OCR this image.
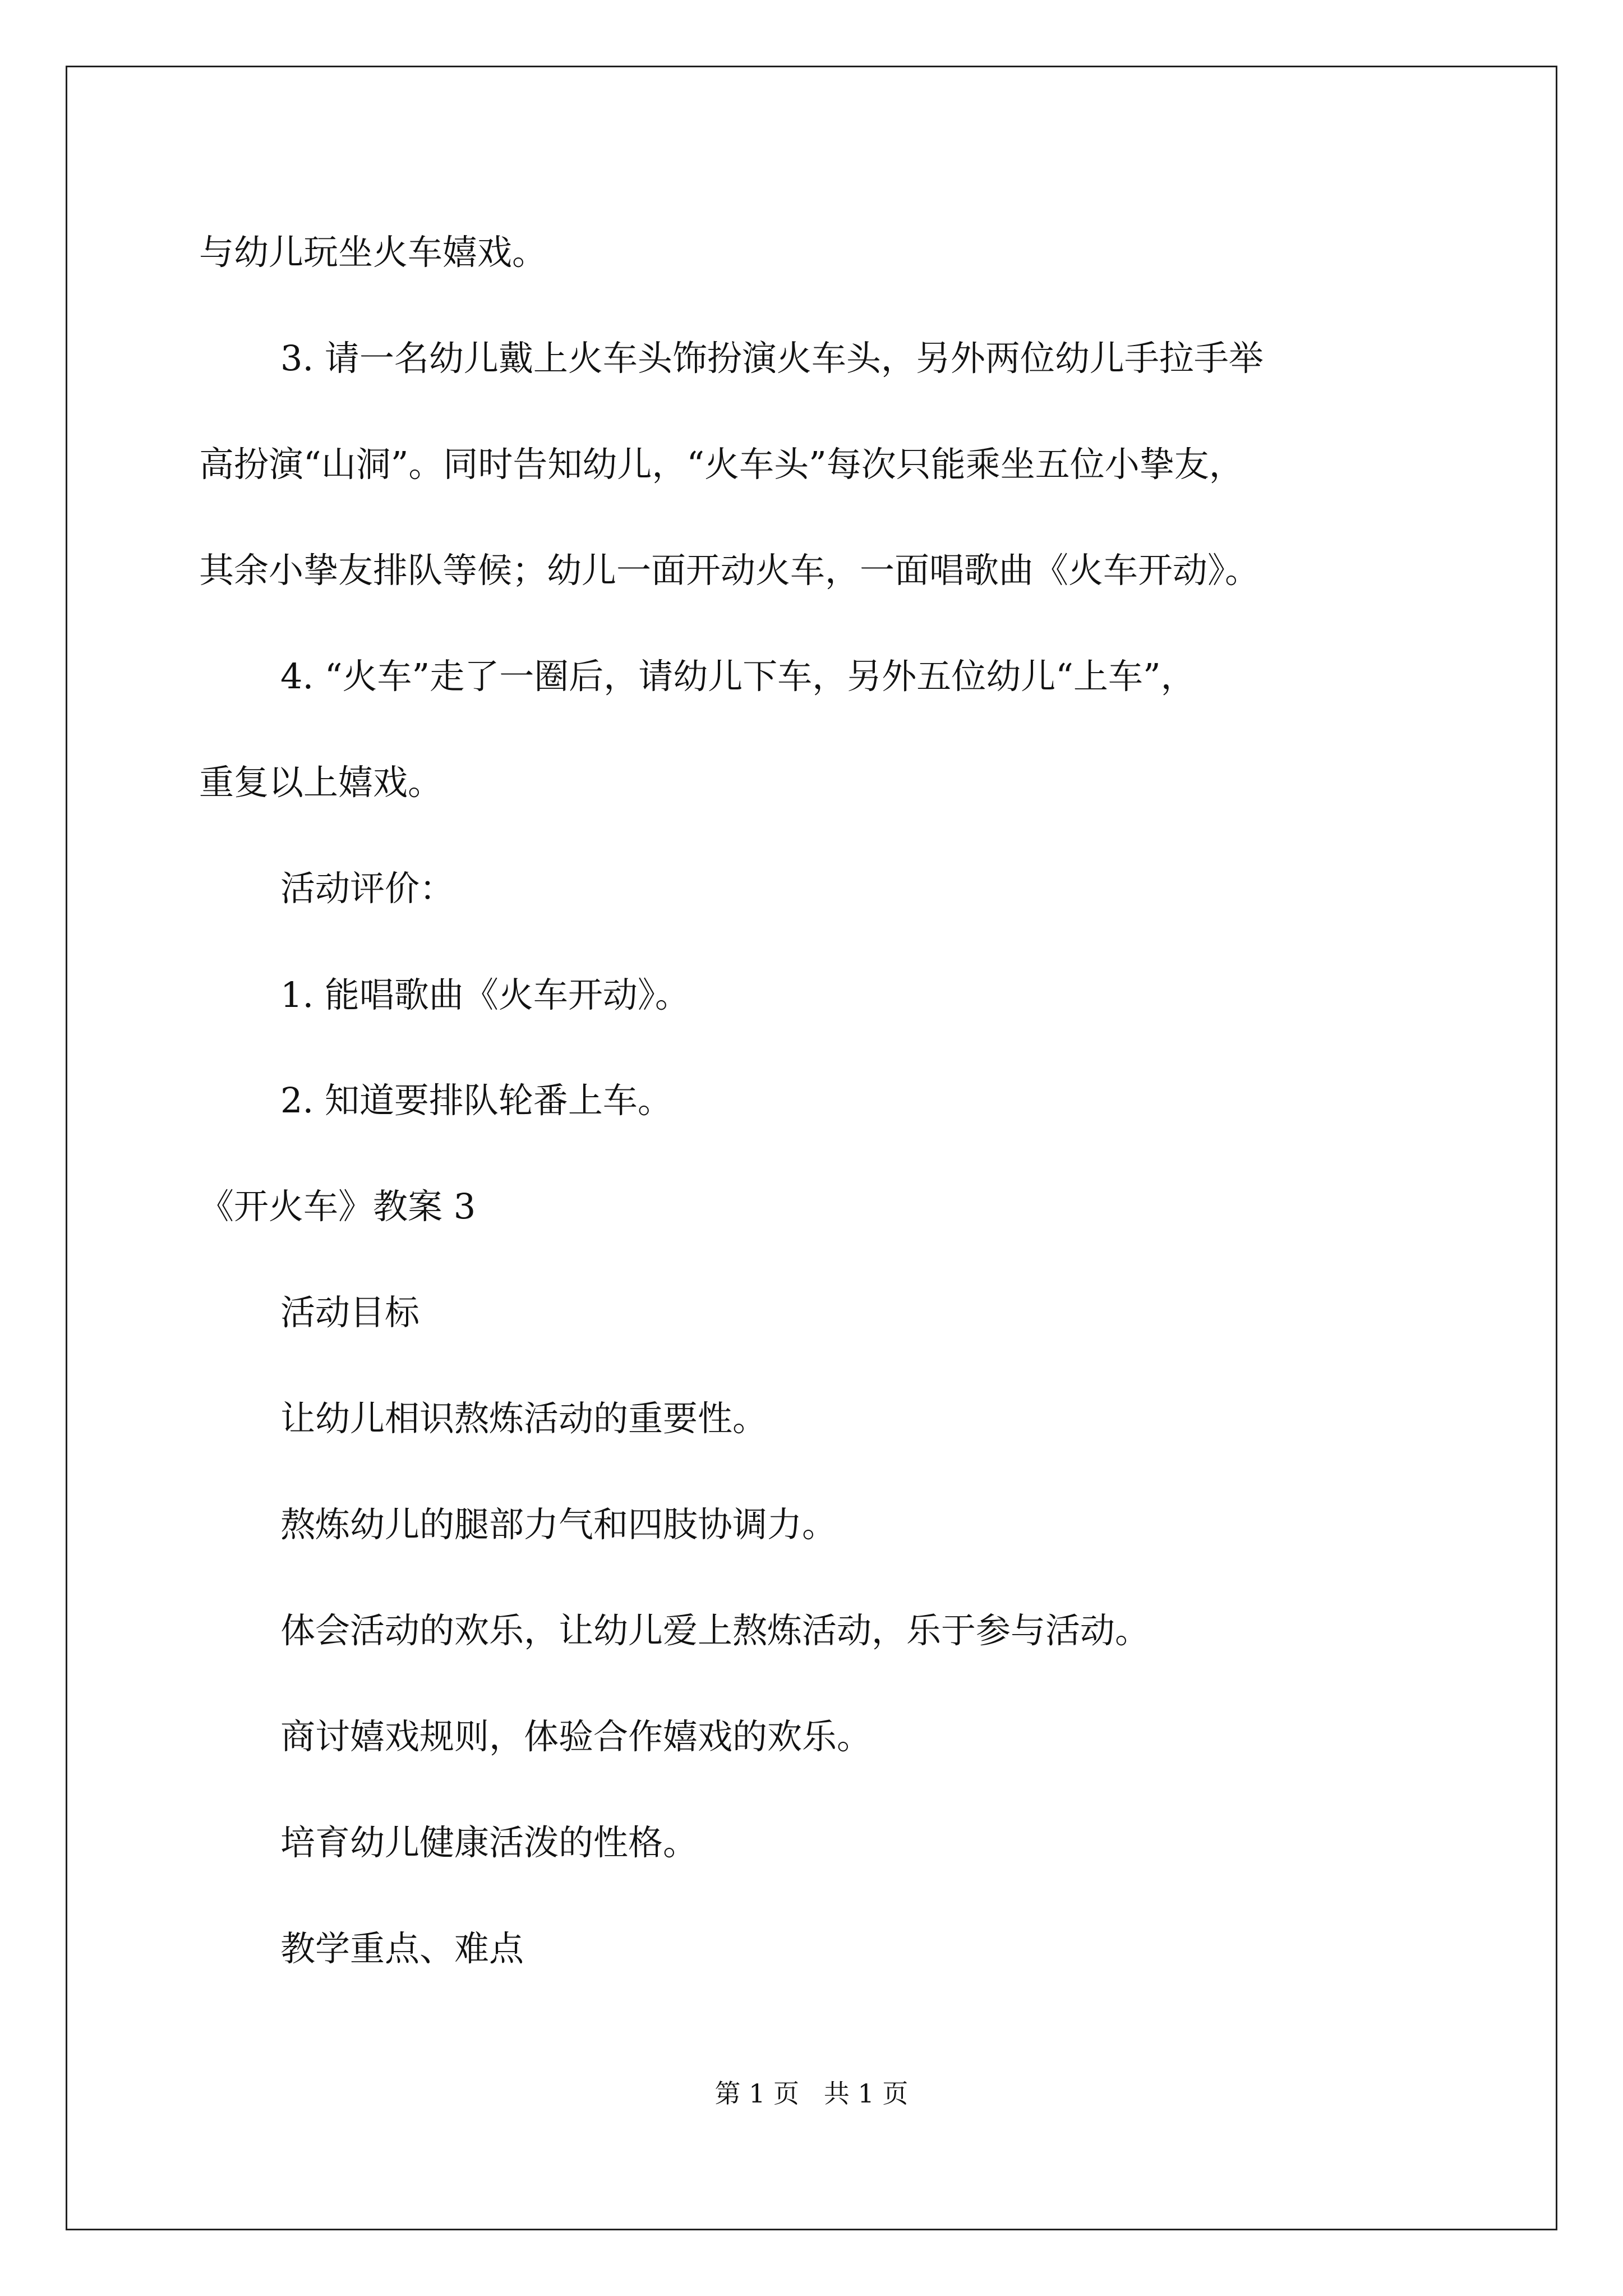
与幼儿玩坐火车嬉戏。
3. 请一名幼儿戴上火车头饰扮演火车头，另外两位幼儿手拉手举
高扮演“山洞”。同时告知幼儿，“火车头”每次只能乘坐五位小挚友，
其余小挚友排队等候；幼儿一面开动火车，一面唱歌曲《火车开动》。
4. “火车”走了一圈后，请幼儿下车，另外五位幼儿“上车”，
重复以上嬉戏。
活动评价：
1. 能唱歌曲《火车开动》。
2. 知道要排队轮番上车。
《开火车》教案 3
活动目标
让幼儿相识熬炼活动的重要性。
熬炼幼儿的腿部力气和四肢协调力。
体会活动的欢乐，让幼儿爱上熬炼活动，乐于参与活动。
商讨嬉戏规则，体验合作嬉戏的欢乐。
培育幼儿健康活泼的性格。
教学重点、难点
第 1 页   共 1 页
